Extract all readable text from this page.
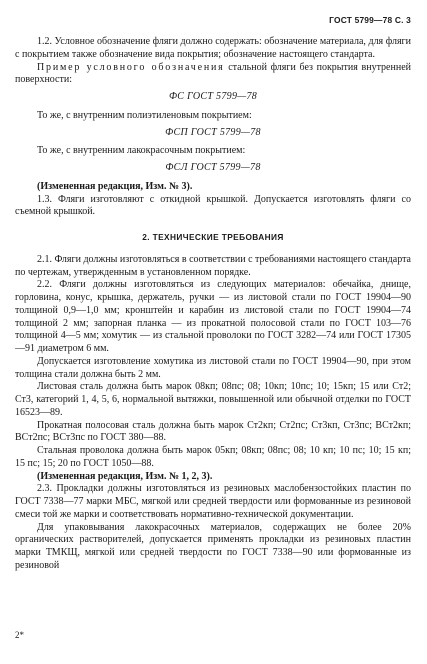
ГОСТ 5799—78 С. 3

1.2. Условное обозначение фляги должно содержать: обозначение материала, для фляги с покрытием также обозначение вида покрытия; обозначение настоящего стандарта.

Пример условного обозначения стальной фляги без покрытия внутренней поверхности:

ФС ГОСТ 5799—78

То же, с внутренним полиэтиленовым покрытием:

ФСП ГОСТ 5799—78

То же, с внутренним лакокрасочным покрытием:

ФСЛ ГОСТ 5799—78

(Измененная редакция, Изм. № 3).

1.3. Фляги изготовляют с откидной крышкой. Допускается изготовлять фляги со съемной крышкой.

2. ТЕХНИЧЕСКИЕ ТРЕБОВАНИЯ

2.1. Фляги должны изготовляться в соответствии с требованиями настоящего стандарта по чертежам, утвержденным в установленном порядке.

2.2. Фляги должны изготовляться из следующих материалов: обечайка, днище, горловина, конус, крышка, держатель, ручки — из листовой стали по ГОСТ 19904—90 толщиной 0,9—1,0 мм; кронштейн и карабин из листовой стали по ГОСТ 19904—74 толщиной 2 мм; запорная планка — из прокатной полосовой стали по ГОСТ 103—76 толщиной 4—5 мм; хомутик — из стальной проволоки по ГОСТ 3282—74 или ГОСТ 17305—91 диаметром 6 мм.

Допускается изготовление хомутика из листовой стали по ГОСТ 19904—90, при этом толщина стали должна быть 2 мм.

Листовая сталь должна быть марок 08кп; 08пс; 08; 10кп; 10пс; 10; 15кп; 15 или Ст2; Ст3, категорий 1, 4, 5, 6, нормальной вытяжки, повышенной или обычной отделки по ГОСТ 16523—89.

Прокатная полосовая сталь должна быть марок Ст2кп; Ст2пс; Ст3кп, Ст3пс; ВСт2кп; ВСт2пс; ВСт3пс по ГОСТ 380—88.

Стальная проволока должна быть марок 05кп; 08кп; 08пс; 08; 10 кп; 10 пс; 10; 15 кп; 15 пс; 15; 20 по ГОСТ 1050—88.

(Измененная редакция, Изм. № 1, 2, 3).

2.3. Прокладки должны изготовляться из резиновых маслобензостойких пластин по ГОСТ 7338—77 марки МБС, мягкой или средней твердости или формованные из резиновой смеси той же марки и соответствовать нормативно-технической документации.

Для упаковывания лакокрасочных материалов, содержащих не более 20% органических растворителей, допускается применять прокладки из резиновых пластин марки ТМКЩ, мягкой или средней твердости по ГОСТ 7338—90 или формованные из резиновой

2*
